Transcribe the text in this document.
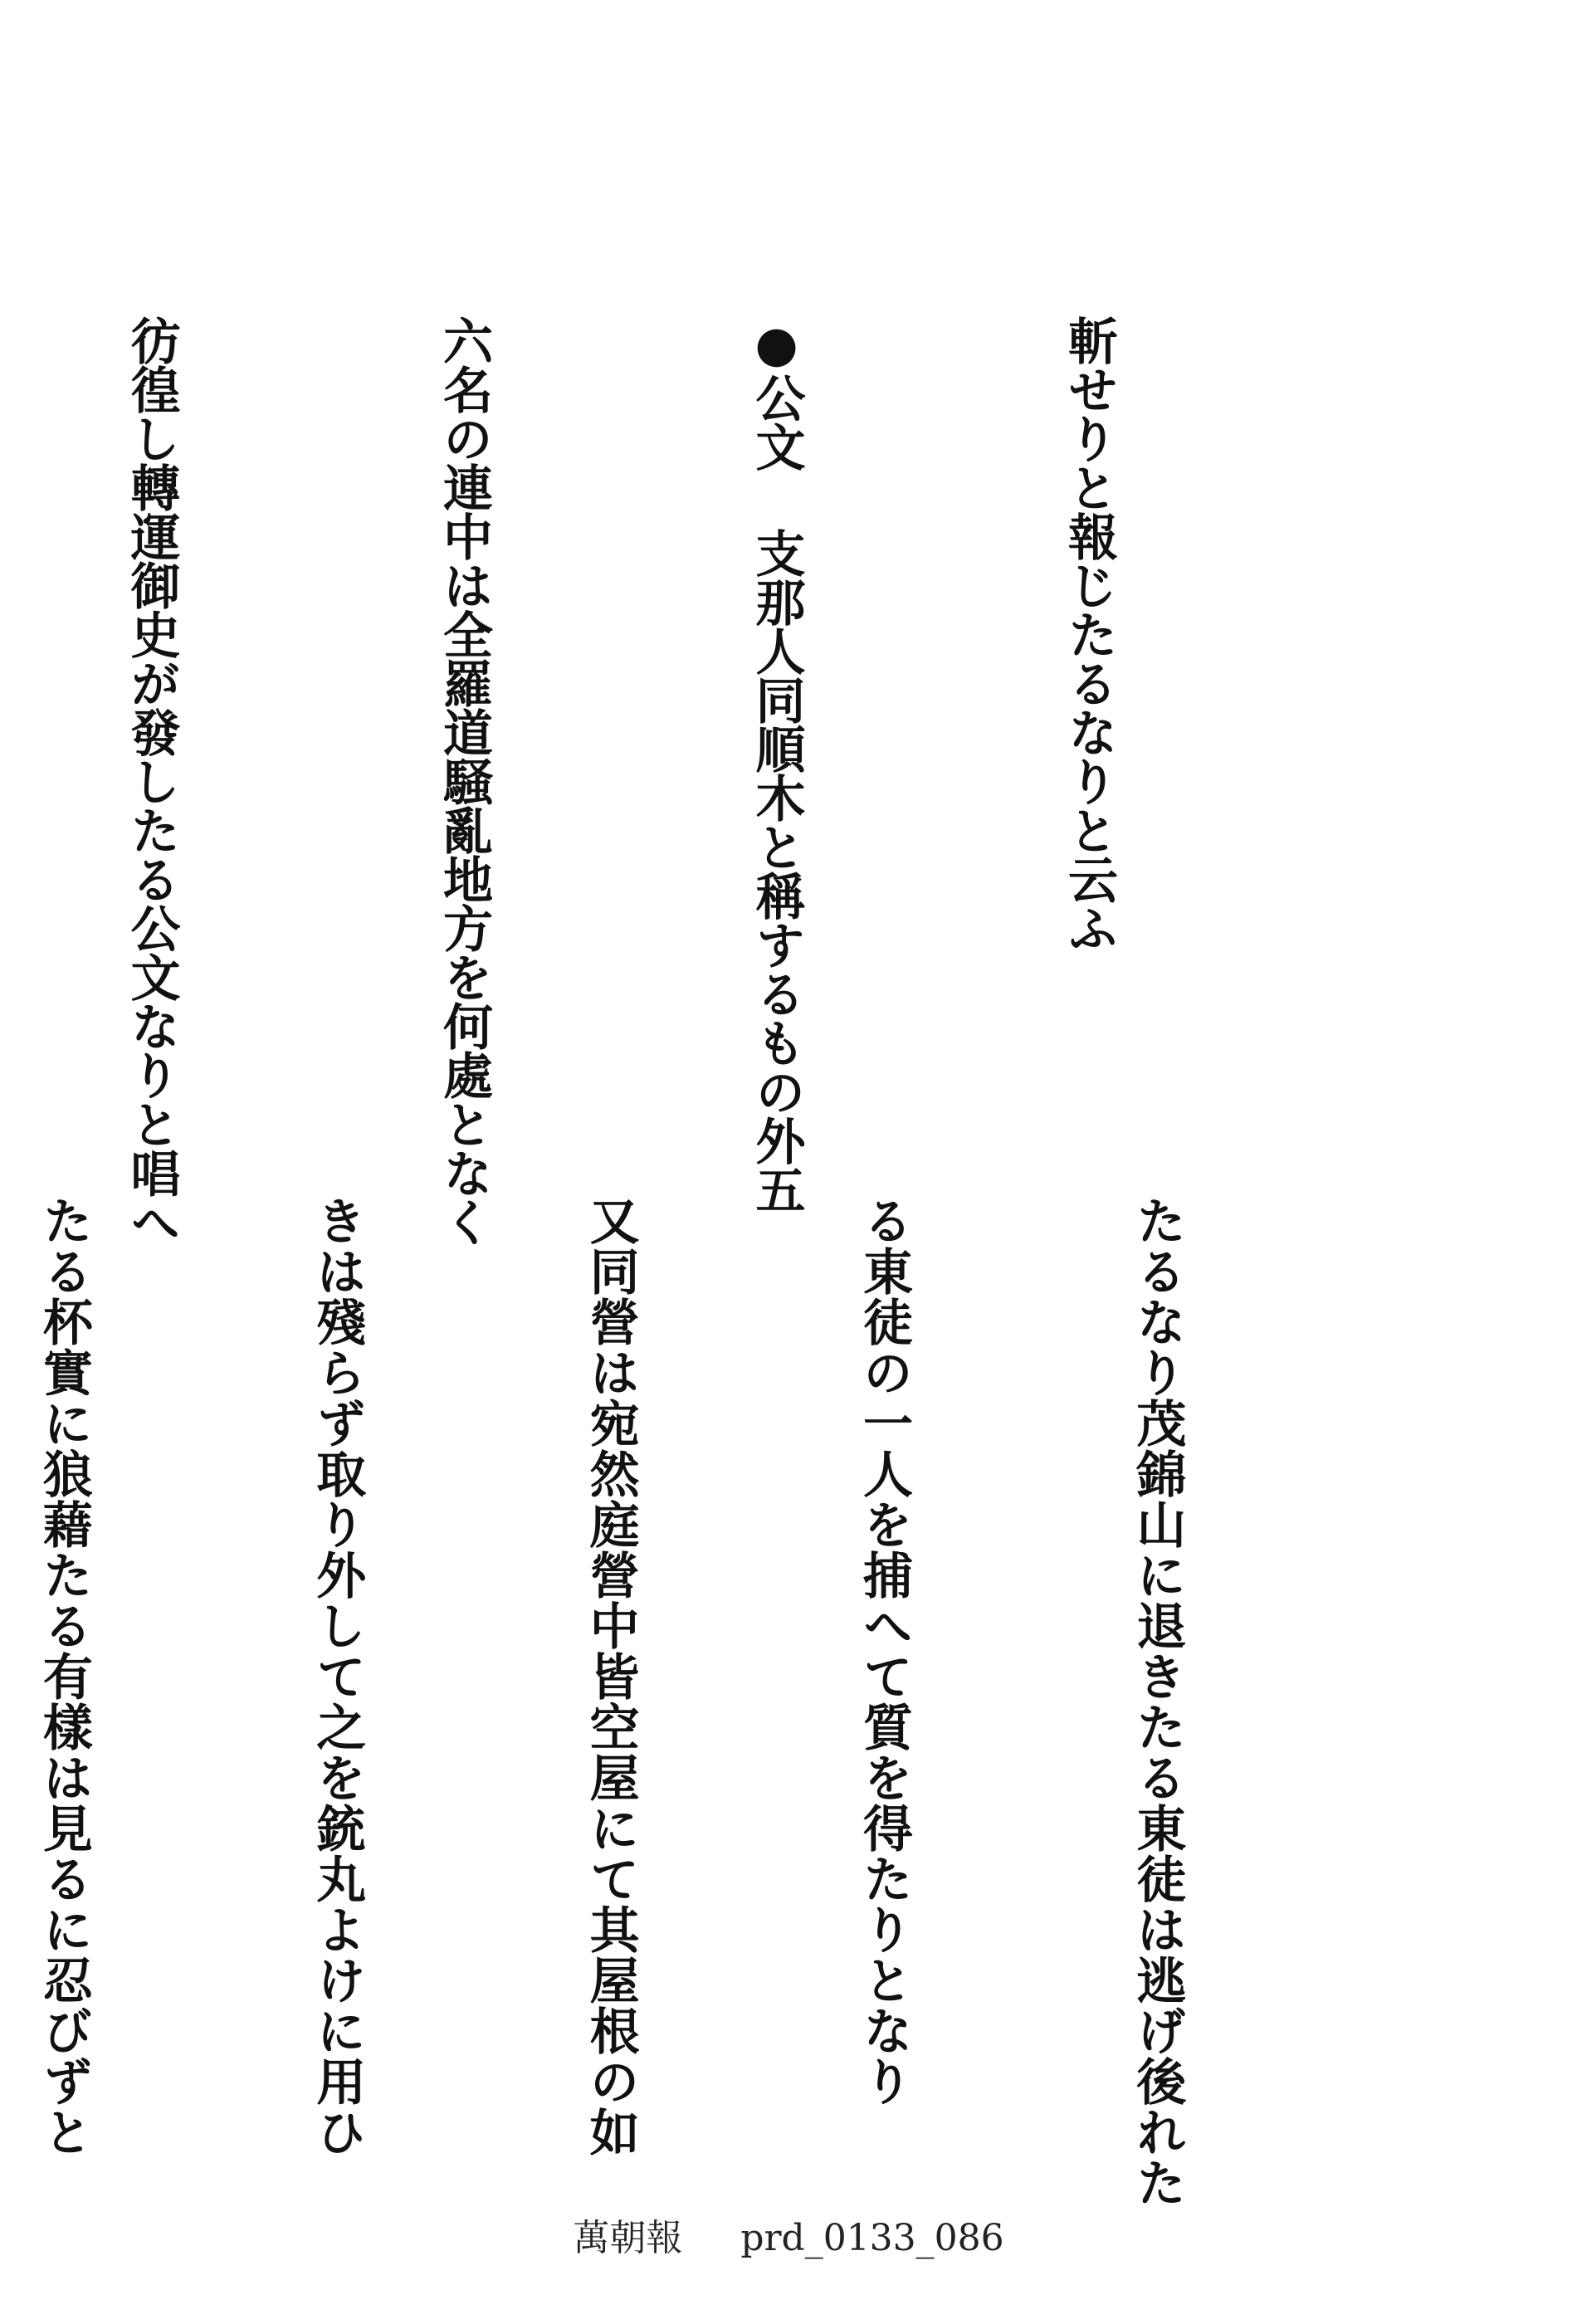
斬せりと報じたるなりと云ふ

●公文 支那人同順木と稱するもの外五

六名の連中は全羅道騒亂地方を何處となく

彷徨し轉運御史が發したる公文なりと唱へ

たるなり茂錦山に退きたる東徒は逃げ後れた

る東徒の一人を捕へて質を得たりとなり

又同營は宛然庭營中皆空屋にて其屋根の如

きは殘らず取り外して之を銃丸よけに用ひ

たる杯實に狼藉たる有樣は見るに忍びずと

萬朝報 prd_0133_086
